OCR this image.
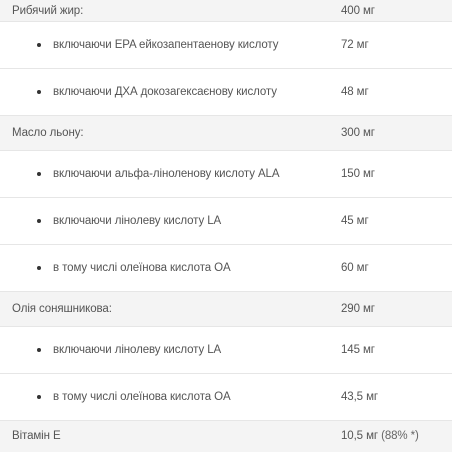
Рибячий жир:	400 мг
включаючи EPA ейкозапентаенову кислоту	72 мг
включаючи ДХА докозагексаєнову кислоту	48 мг
Масло льону:	300 мг
включаючи альфа-ліноленову кислоту ALA	150 мг
включаючи лінолеву кислоту LA	45 мг
в тому числі олеїнова кислота OA	60 мг
Олія соняшникова:	290 мг
включаючи лінолеву кислоту LA	145 мг
в тому числі олеїнова кислота OA	43,5 мг
Вітамін Е	10,5 мг (88% *)
